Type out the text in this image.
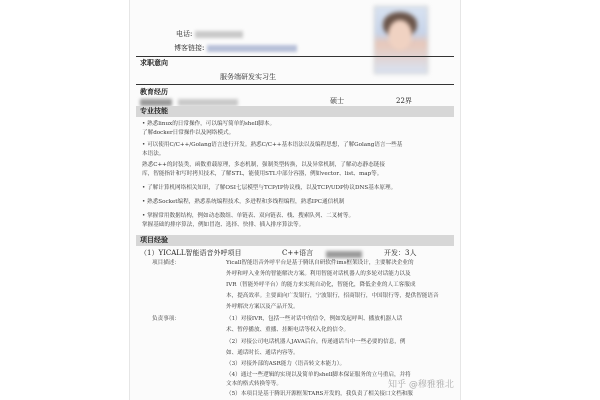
电话:
博客链接:
求职意向
服务端研发实习生
教育经历

硕士	22界
专业技能
• 熟悉linux的日常操作，可以编写简单的shell脚本。
了解docker日常操作以及网络模式。
• 可以使用C/C++/Golang语言进行开发。熟悉C/C++基本语法以及编程思想，了解Golang语言一些基
本语法。
熟悉C++的封装类，函数重载原理，多态机制，强制类型转换，以及异常机制，了解动态静态链接
库，智能指针和写时拷贝技术，了解STL，能使用STL中部分容器，例如vector、list、map等。
• 了解计算机网络相关知识，了解OSI七层模型与TCP/IP协议栈，以及TCP/UDP协议DNS基本原理。
• 熟悉Socket编程，熟悉系统编程技术，多进程和多线程编程，熟悉IPC通信机制
• 掌握常用数据结构，例如动态数组、单链表、双向链表、栈、搜索队列、二叉树等。
掌握基础的排序算法，例如冒泡、选择、快排、插入排序算法等。
项目经验
（1）YICALL智能语音外呼项目	C++语言	开发：3人
项目描述：	Yicall智能语音外呼平台是基于腾讯自研软件ims框架设计，主要解决企业的
外呼和呼入业务的智能解决方案。利用智能对话机器人的多轮对话能力以及
IVR（智能外呼平台）的能力来实现自动化，智能化，降低企业的人工客服成
本，提高效率。主要面向广发银行，宁波银行，招商银行，中国银行等，提供智能语音
外呼解决方案以及产品开发。
负责事项：	（1）对接IVR，包括一些对话中的信令，例如发起呼叫、播放机器人话
术、暂停播放、重播、挂断电话等权入化的信令。
（2）对接公司电话机器人JAVA后台，传递通话当中一些必要的信息，例
如、通话时长、通话内容等。
（3）对接外部的ASR能力（语音转文本能力）。
（4）通过一些逻辑的实现以及简单的shell脚本保证服务的立马重启，并将
文本的格式转换等等。
（5）本项目是基于腾讯开源框架TARS开发的，我负责了相关接口文档和服
知乎 @穆雅雅北
